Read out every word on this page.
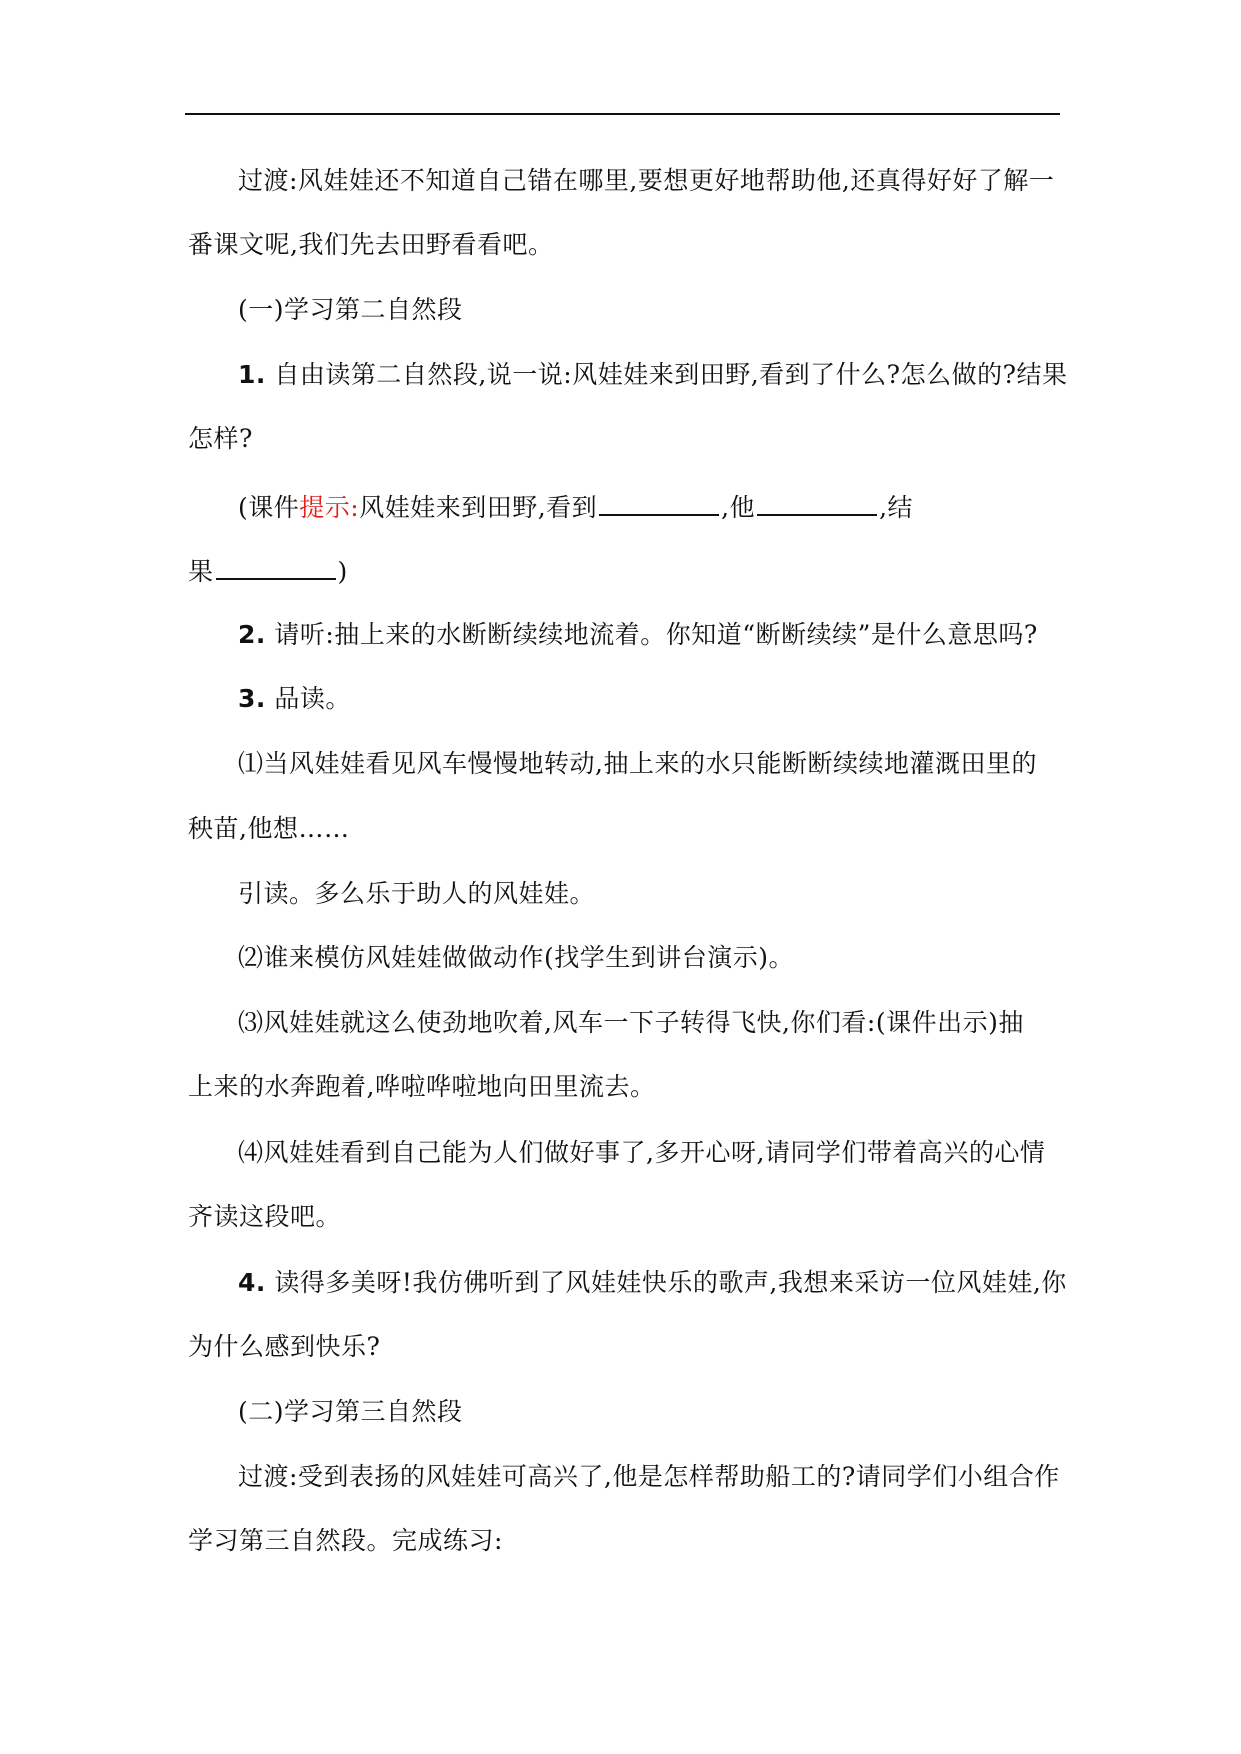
过渡:风娃娃还不知道自己错在哪里,要想更好地帮助他,还真得好好了解一
番课文呢,我们先去田野看看吧。
(一)学习第二自然段
1. 自由读第二自然段,说一说:风娃娃来到田野,看到了什么?怎么做的?结果
怎样?
(课件提示:风娃娃来到田野,看到	,他	,结
果	)
2. 请听:抽上来的水断断续续地流着。你知道“断断续续”是什么意思吗?
3. 品读。
⑴当风娃娃看见风车慢慢地转动,抽上来的水只能断断续续地灌溉田里的
秧苗,他想……
引读。多么乐于助人的风娃娃。
⑵谁来模仿风娃娃做做动作(找学生到讲台演示)。
⑶风娃娃就这么使劲地吹着,风车一下子转得飞快,你们看:(课件出示)抽
上来的水奔跑着,哗啦哗啦地向田里流去。
⑷风娃娃看到自己能为人们做好事了,多开心呀,请同学们带着高兴的心情
齐读这段吧。
4. 读得多美呀!我仿佛听到了风娃娃快乐的歌声,我想来采访一位风娃娃,你
为什么感到快乐?
(二)学习第三自然段
过渡:受到表扬的风娃娃可高兴了,他是怎样帮助船工的?请同学们小组合作
学习第三自然段。完成练习:
